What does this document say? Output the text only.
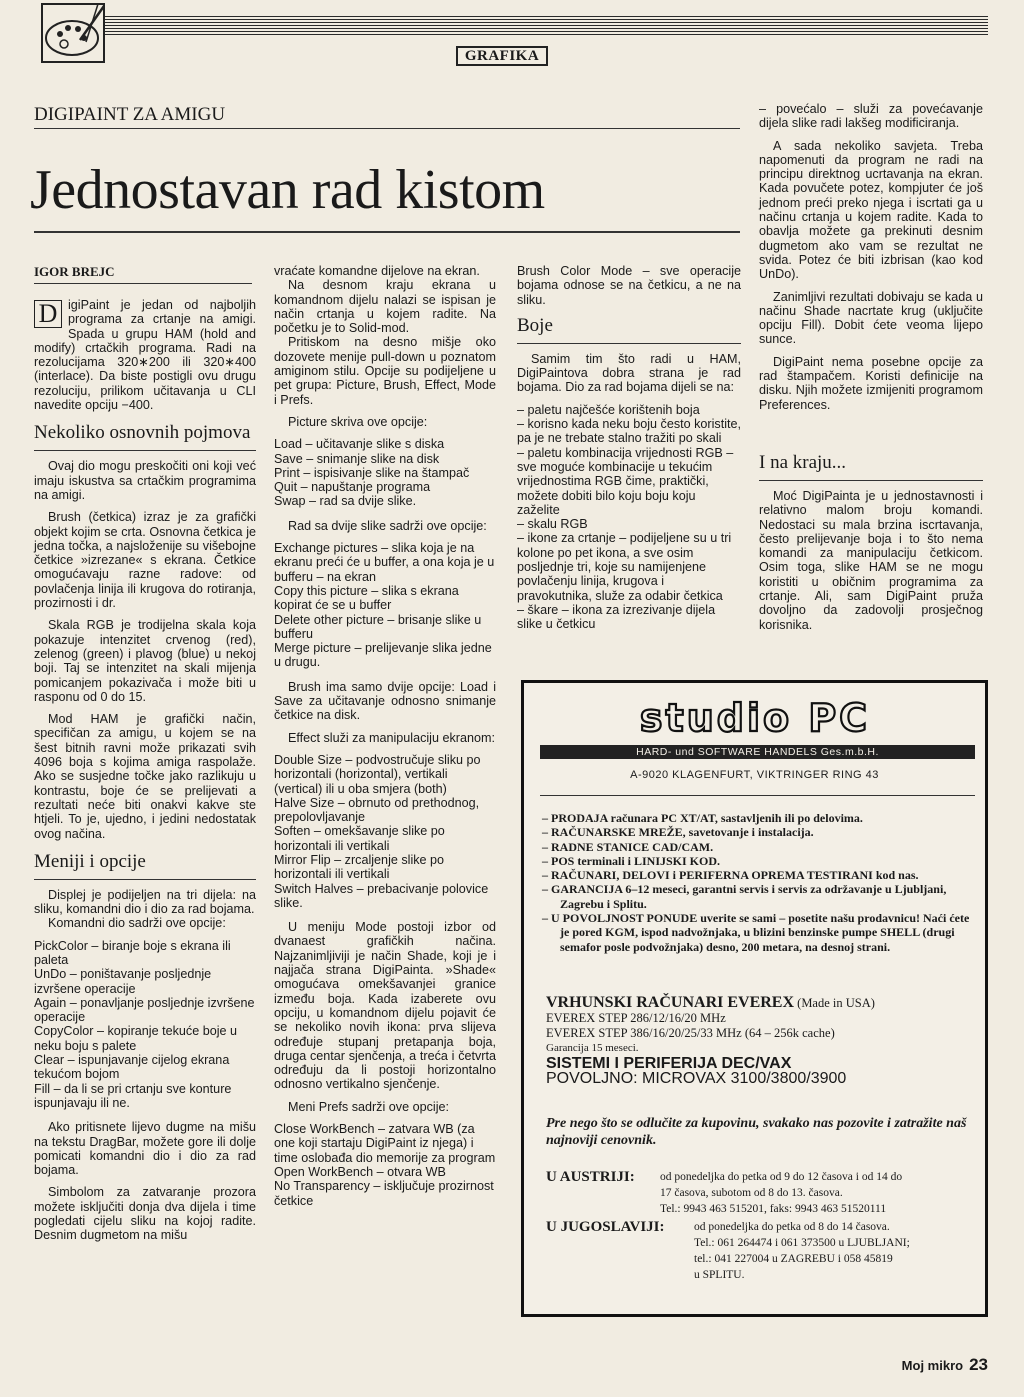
GRAFIKA
DIGIPAINT ZA AMIGU
Jednostavan rad kistom
IGOR BREJC

D igiPaint je jedan od najboljih programa za crtanje na amigi. Spada u grupu HAM (hold and modify) crtačkih programa. Radi na rezolucijama 320∗200 ili 320∗400 (interlace). Da biste postigli ovu drugu rezoluciju, prilikom učitavanja u CLI navedite opciju −400.

Nekoliko osnovnih pojmova

Ovaj dio mogu preskočiti oni koji već imaju iskustva sa crtačkim programima na amigi.

Brush (četkica) izraz je za grafički objekt kojim se crta. Osnovna četkica je jedna točka, a najsloženije su višebojne četkice »izrezane« s ekrana. Četkice omogućavaju razne radove: od povlačenja linija ili krugova do rotiranja, prozirnosti i dr.

Skala RGB je trodijelna skala koja pokazuje intenzitet crvenog (red), zelenog (green) i plavog (blue) u nekoj boji. Taj se intenzitet na skali mijenja pomicanjem pokazivača i može biti u rasponu od 0 do 15.

Mod HAM je grafički način, specifičan za amigu, u kojem se na šest bitnih ravni može prikazati svih 4096 boja s kojima amiga raspolaže. Ako se susjedne točke jako razlikuju u kontrastu, boje će se prelijevati a rezultati neće biti onakvi kakve ste htjeli. To je, ujedno, i jedini nedostatak ovog načina.

Meniji i opcije

Displej je podijeljen na tri dijela: na sliku, komandni dio i dio za rad bojama.

Komandni dio sadrži ove opcije:

PickColor – biranje boje s ekrana ili paleta

UnDo – poništavanje posljednje izvršene operacije

Again – ponavljanje posljednje izvršene operacije

CopyColor – kopiranje tekuće boje u neku boju s palete

Clear – ispunjavanje cijelog ekrana tekućom bojom

Fill – da li se pri crtanju sve konture ispunjavaju ili ne.

Ako pritisnete lijevo dugme na mišu na tekstu DragBar, možete gore ili dolje pomicati komandni dio i dio za rad bojama.

Simbolom za zatvaranje prozora možete isključiti donja dva dijela i time pogledati cijelu sliku na kojoj radite. Desnim dugmetom na mišu

vraćate komandne dijelove na ekran.

Na desnom kraju ekrana u komandnom dijelu nalazi se ispisan je način crtanja u kojem radite. Na početku je to Solid-mod.

Pritiskom na desno mišje oko dozovete menije pull-down u poznatom amiginom stilu. Opcije su podijeljene u pet grupa: Picture, Brush, Effect, Mode i Prefs.

Picture skriva ove opcije:

Load – učitavanje slike s diska

Save – snimanje slike na disk

Print – ispisivanje slike na štampač

Quit – napuštanje programa

Swap – rad sa dvije slike.

Rad sa dvije slike sadrži ove opcije:

Exchange pictures – slika koja je na ekranu preći će u buffer, a ona koja je u bufferu – na ekran

Copy this picture – slika s ekrana kopirat će se u buffer

Delete other picture – brisanje slike u bufferu

Merge picture – prelijevanje slika jedne u drugu.

Brush ima samo dvije opcije: Load i Save za učitavanje odnosno snimanje četkice na disk.

Effect služi za manipulaciju ekranom:

Double Size – podvostručuje sliku po horizontali (horizontal), vertikali (vertical) ili u oba smjera (both)

Halve Size – obrnuto od prethodnog, prepolovljavanje

Soften – omekšavanje slike po horizontali ili vertikali

Mirror Flip – zrcaljenje slike po horizontali ili vertikali

Switch Halves – prebacivanje polovice slike.

U meniju Mode postoji izbor od dvanaest grafičkih načina. Najzanimljiviji je način Shade, koji je i najjača strana DigiPainta. »Shade« omogućava omekšavanjei granice između boja. Kada izaberete ovu opciju, u komandnom dijelu pojavit će se nekoliko novih ikona: prva slijeva određuje stupanj pretapanja boja, druga centar sjenčenja, a treća i četvrta određuju da li postoji horizontalno odnosno vertikalno sjenčenje.

Meni Prefs sadrži ove opcije:

Close WorkBench – zatvara WB (za one koji startaju DigiPaint iz njega) i time oslobađa dio memorije za program

Open WorkBench – otvara WB

No Transparency – isključuje prozirnost četkice

Brush Color Mode – sve operacije bojama odnose se na četkicu, a ne na sliku.

Boje

Samim tim što radi u HAM, DigiPaintova dobra strana je rad bojama. Dio za rad bojama dijeli se na:

– paletu najčešće korištenih boja

– korisno kada neku boju često koristite, pa je ne trebate stalno tražiti po skali

– paletu kombinacija vrijednosti RGB – sve moguće kombinacije u tekućim vrijednostima RGB čime, praktički, možete dobiti bilo koju boju koju zaželite

– skalu RGB

– ikone za crtanje – podijeljene su u tri kolone po pet ikona, a sve osim posljednje tri, koje su namijenjene povlačenju linija, krugova i pravokutnika, služe za odabir četkica

– škare – ikona za izrezivanje dijela slike u četkicu

– povećalo – služi za povećavanje dijela slike radi lakšeg modificiranja.

A sada nekoliko savjeta. Treba napomenuti da program ne radi na principu direktnog ucrtavanja na ekran. Kada povučete potez, kompjuter će još jednom preći preko njega i iscrtati ga u načinu crtanja u kojem radite. Kada to obavlja možete ga prekinuti desnim dugmetom ako vam se rezultat ne svida. Potez će biti izbrisan (kao kod UnDo).

Zanimljivi rezultati dobivaju se kada u načinu Shade nacrtate krug (uključite opciju Fill). Dobit ćete veoma lijepo sunce.

DigiPaint nema posebne opcije za rad štampačem. Koristi definicije na disku. Njih možete izmijeniti programom Preferences.

I na kraju...

Moć DigiPainta je u jednostavnosti i relativno malom broju komandi. Nedostaci su mala brzina iscrtavanja, često prelijevanje boja i to što nema komandi za manipulaciju četkicom. Osim toga, slike HAM se ne mogu koristiti u običnim programima za crtanje. Ali, sam DigiPaint pruža dovoljno da zadovolji prosječnog korisnika.

studio PC
HARD- und SOFTWARE HANDELS Ges.m.b.H.
A-9020 KLAGENFURT, VIKTRINGER RING 43

– PRODAJA računara PC XT/AT, sastavljenih ili po delovima.

– RAČUNARSKE MREŽE, savetovanje i instalacija.

– RADNE STANICE CAD/CAM.

– POS terminali i LINIJSKI KOD.

– RAČUNARI, DELOVI i PERIFERNA OPREMA TESTIRANI kod nas.

– GARANCIJA 6–12 meseci, garantni servis i servis za održavanje u Ljubljani, Zagrebu i Splitu.

– U POVOLJNOST PONUDE uverite se sami – posetite našu prodavnicu! Naći ćete je pored KGM, ispod nadvožnjaka, u blizini benzinske pumpe SHELL (drugi semafor posle podvožnjaka) desno, 200 metara, na desnoj strani.

VRHUNSKI RAČUNARI EVEREX (Made in USA)
EVEREX STEP 286/12/16/20 MHz
EVEREX STEP 386/16/20/25/33 MHz (64 – 256k cache)
Garancija 15 meseci.
SISTEMI I PERIFERIJA DEC/VAX
POVOLJNO: MICROVAX 3100/3800/3900
Pre nego što se odlučite za kupovinu, svakako nas pozovite i zatražite naš najnoviji cenovnik.
U AUSTRIJI:	od ponedeljka do petka od 9 do 12 časova i od 14 do
17 časova, subotom od 8 do 13. časova.
Tel.: 9943 463 515201, faks: 9943 463 51520111
U JUGOSLAVIJI:	od ponedeljka do petka od 8 do 14 časova.
Tel.: 061 264474 i 061 373500 u LJUBLJANI;
tel.: 041 227004 u ZAGREBU i 058 45819
u SPLITU.
Moj mikro 23
